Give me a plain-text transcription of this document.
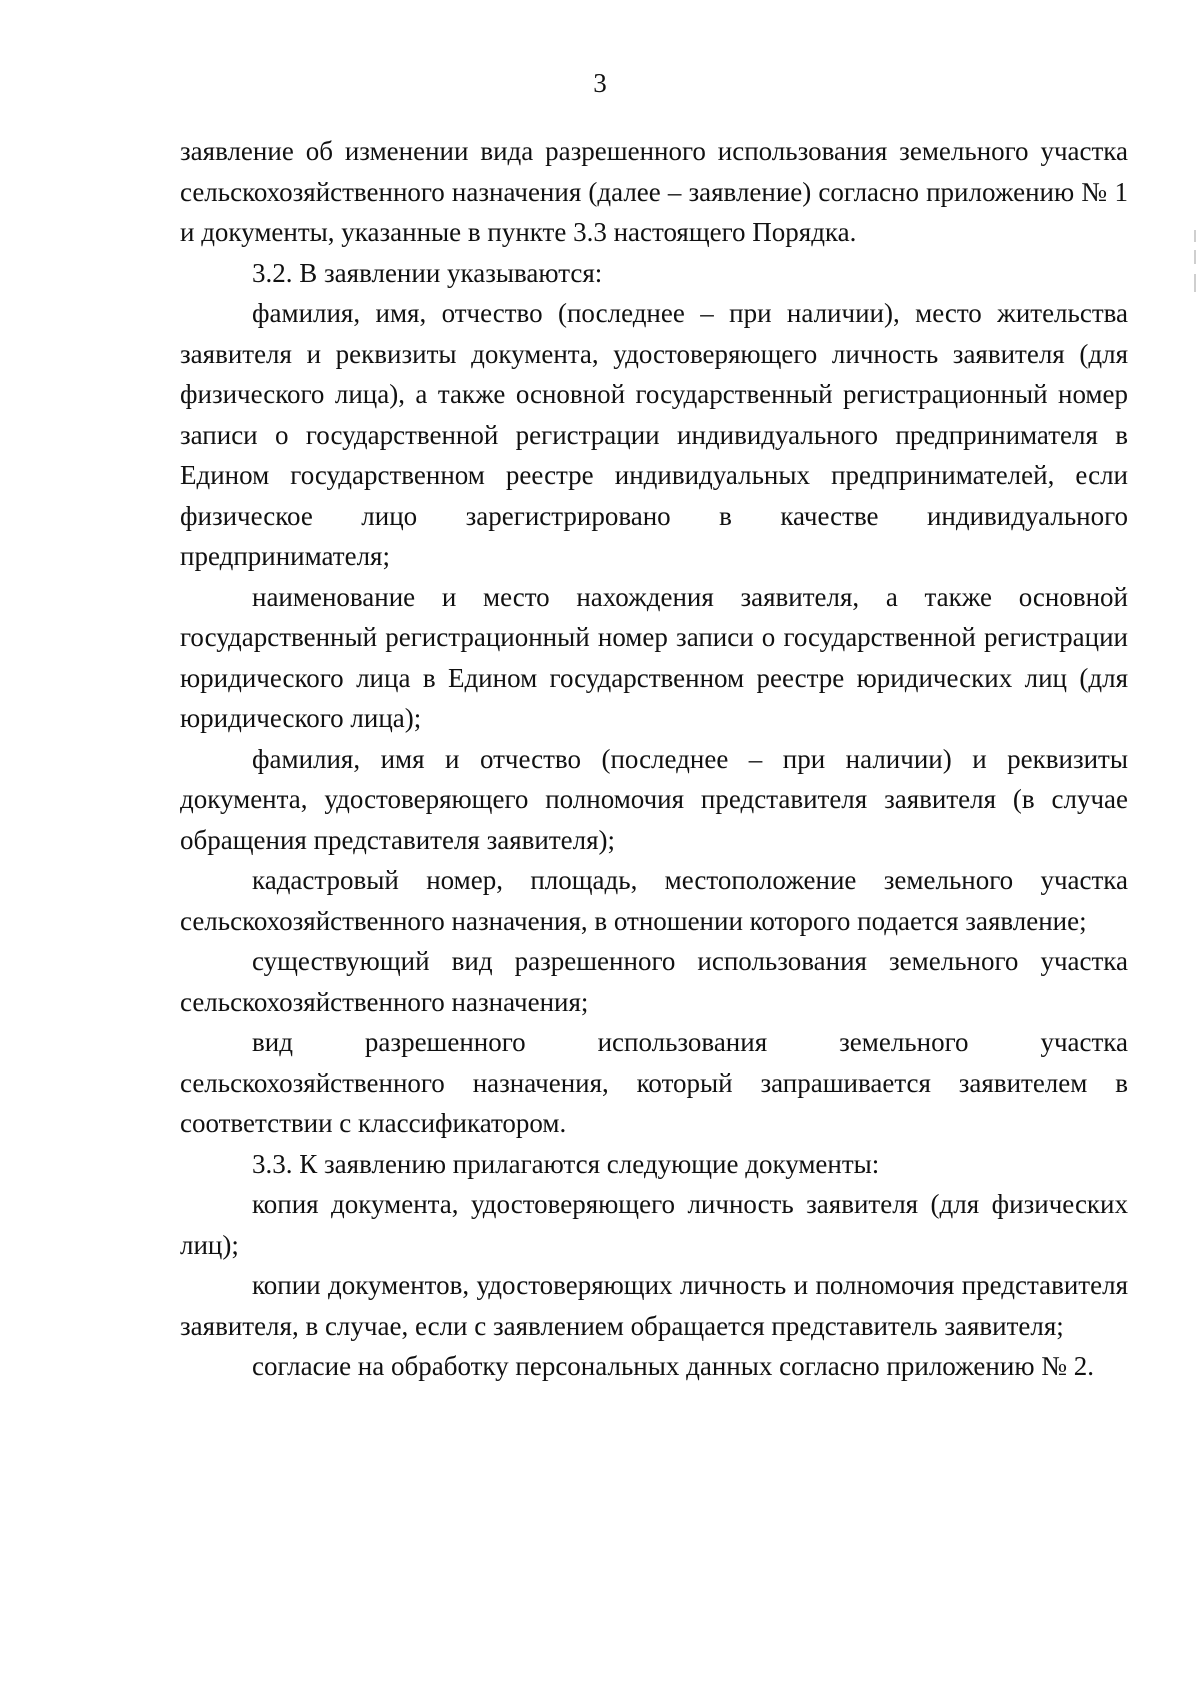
3

заявление об изменении вида разрешенного использования земельного участка сельскохозяйственного назначения (далее – заявление) согласно приложению № 1 и документы, указанные в пункте 3.3 настоящего Порядка.

3.2. В заявлении указываются:

фамилия, имя, отчество (последнее – при наличии), место жительства заявителя и реквизиты документа, удостоверяющего личность заявителя (для физического лица), а также основной государственный регистрационный номер записи о государственной регистрации индивидуального предпринимателя в Едином государственном реестре индивидуальных предпринимателей, если физическое лицо зарегистрировано в качестве индивидуального предпринимателя;

наименование и место нахождения заявителя, а также основной государственный регистрационный номер записи о государственной регистрации юридического лица в Едином государственном реестре юридических лиц (для юридического лица);

фамилия, имя и отчество (последнее – при наличии) и реквизиты документа, удостоверяющего полномочия представителя заявителя (в случае обращения представителя заявителя);

кадастровый номер, площадь, местоположение земельного участка сельскохозяйственного назначения, в отношении которого подается заявление;

существующий вид разрешенного использования земельного участка сельскохозяйственного назначения;

вид разрешенного использования земельного участка сельскохозяйственного назначения, который запрашивается заявителем в соответствии с классификатором.

3.3. К заявлению прилагаются следующие документы:

копия документа, удостоверяющего личность заявителя (для физических лиц);

копии документов, удостоверяющих личность и полномочия представителя заявителя, в случае, если с заявлением обращается представитель заявителя;

согласие на обработку персональных данных согласно приложению № 2.
